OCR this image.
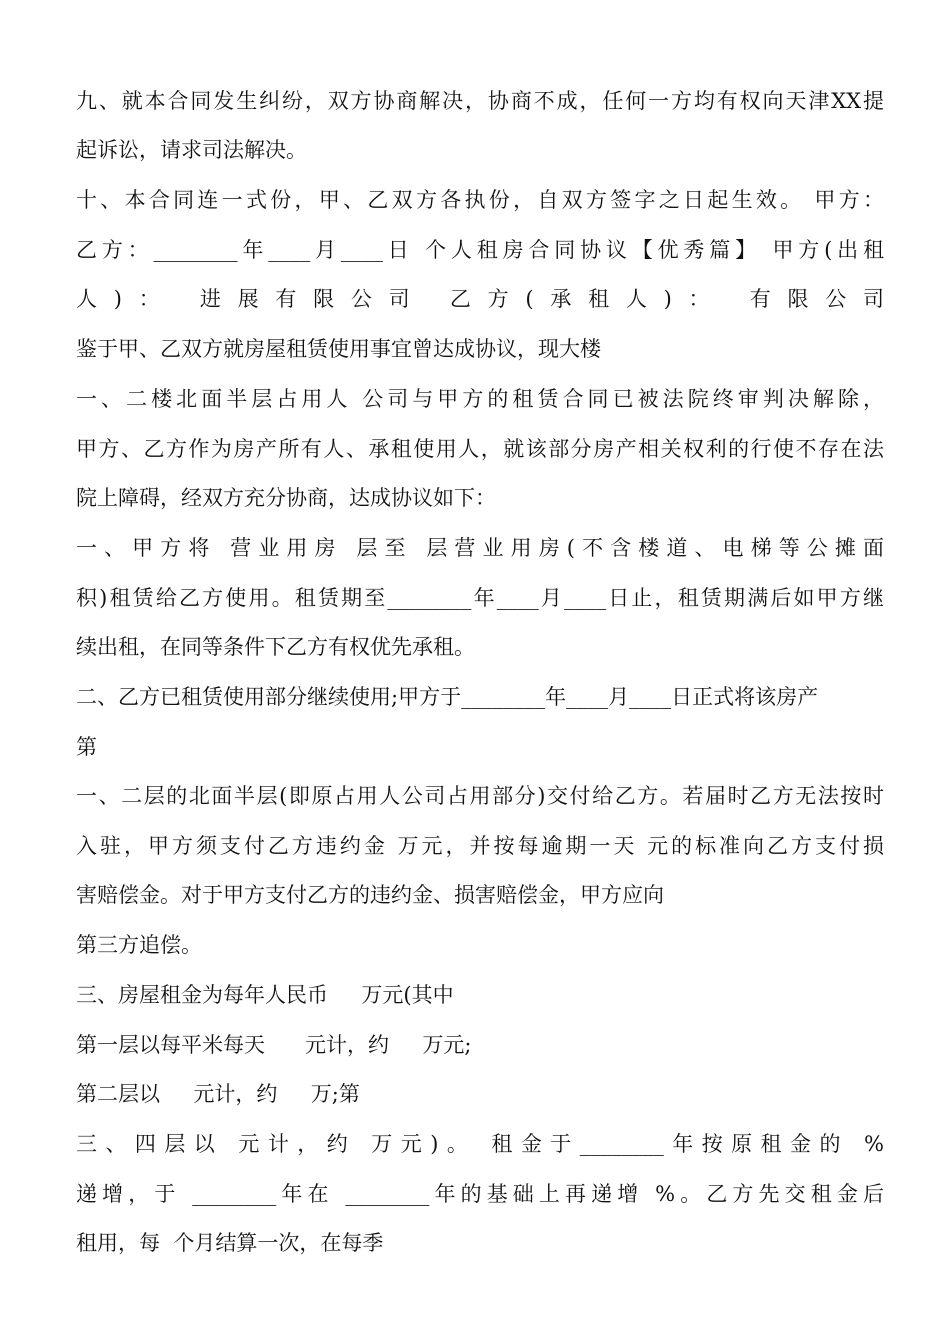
九、就本合同发生纠纷，双方协商解决，协商不成，任何一方均有权向天津XX提
起诉讼，请求司法解决。
十、本合同连一式份，甲、乙双方各执份，自双方签字之日起生效。 甲方：
乙方：________年____月____日 个人租房合同协议【优秀篇】 甲方(出租
人)： 进展有限公司 乙方(承租人)： 有限公司
鉴于甲、乙双方就房屋租赁使用事宜曾达成协议，现大楼
一、二楼北面半层占用人 公司与甲方的租赁合同已被法院终审判决解除，
甲方、乙方作为房产所有人、承租使用人，就该部分房产相关权利的行使不存在法
院上障碍，经双方充分协商，达成协议如下：
一、甲方将 营业用房 层至 层营业用房(不含楼道、电梯等公摊面
积)租赁给乙方使用。租赁期至________年____月____日止，租赁期满后如甲方继
续出租，在同等条件下乙方有权优先承租。
二、乙方已租赁使用部分继续使用;甲方于________年____月____日正式将该房产
第
一、二层的北面半层(即原占用人公司占用部分)交付给乙方。若届时乙方无法按时
入驻，甲方须支付乙方违约金 万元，并按每逾期一天 元的标准向乙方支付损
害赔偿金。对于甲方支付乙方的违约金、损害赔偿金，甲方应向
第三方追偿。
三、房屋租金为每年人民币     万元(其中
第一层以每平米每天      元计，约     万元;
第二层以     元计，约     万;第
三、四层以 元计，约 万元)。 租金于________年按原租金的 %
递增，于 ________年在 ________年的基础上再递增 %。乙方先交租金后
租用，每  个月结算一次，在每季
